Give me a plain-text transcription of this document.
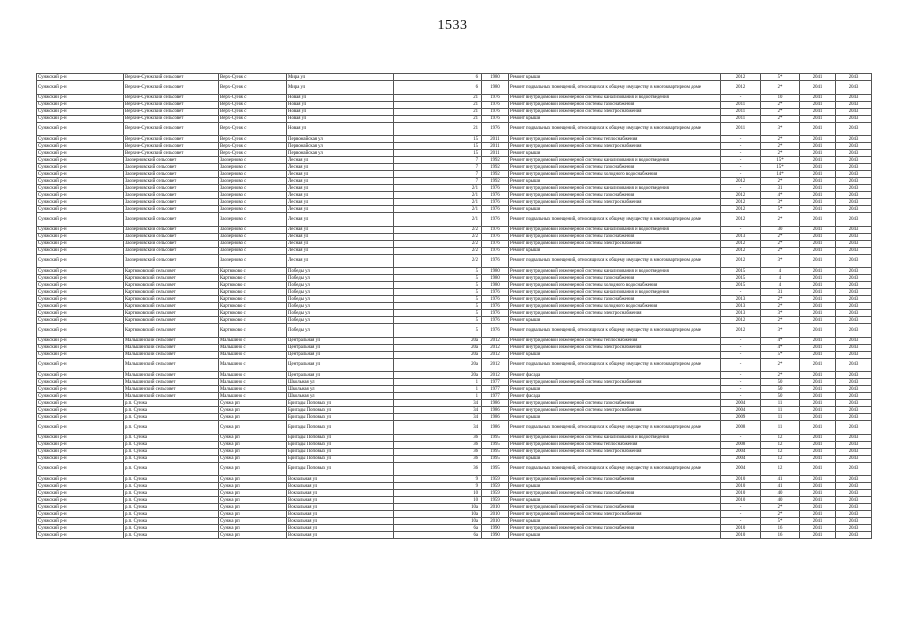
1533
Сунжский р-н	Верхне-Сунжский сельсовет	Верх-Сунж с	Мира ул	6	1980	Ремонт крыши	2012	5*	2041	2043
Сунжский р-н	Верхне-Сунжский сельсовет	Верх-Сунж с	Мира ул	6	1980	Ремонт подвальных помещений, относящихся к общему имуществу в многоквартирном доме	2012	2*	2041	2043
Сунжский р-н	Верхне-Сунжский сельсовет	Верх-Сунж с	Новая ул	21	1976	Ремонт внутридомовой инженерной системы канализования и водоотведения	-	10	2041	2043
Сунжский р-н	Верхне-Сунжский сельсовет	Верх-Сунж с	Новая ул	21	1976	Ремонт внутридомовой инженерной системы газоснабжения	2011	2*	2041	2043
Сунжский р-н	Верхне-Сунжский сельсовет	Верх-Сунж с	Новая ул	21	1976	Ремонт внутридомовой инженерной системы электроснабжения	2011	2*	2041	2043
Сунжский р-н	Верхне-Сунжский сельсовет	Верх-Сунж с	Новая ул	21	1976	Ремонт крыши	2011	2*	2041	2043
Сунжский р-н	Верхне-Сунжский сельсовет	Верх-Сунж с	Новая ул	21	1976	Ремонт подвальных помещений, относящихся к общему имуществу в многоквартирном доме	2011	3*	2041	2043
Сунжский р-н	Верхне-Сунжский сельсовет	Верх-Сунж с	Первомайская ул	15	2011	Ремонт внутридомовой инженерной системы теплоснабжения	-	2*	2041	2043
Сунжский р-н	Верхне-Сунжский сельсовет	Верх-Сунж с	Первомайская ул	15	2011	Ремонт внутридомовой инженерной системы электроснабжения	-	2*	2041	2043
Сунжский р-н	Верхне-Сунжский сельсовет	Верх-Сунж с	Первомайская ул	15	2011	Ремонт крыши	-	2*	2041	2043
Сунжский р-н	Заозерновский сельсовет	Заозерново с	Лесная ул	7	1992	Ремонт внутридомовой инженерной системы канализования и водоотведения	-	15*	2041	2043
Сунжский р-н	Заозерновский сельсовет	Заозерново с	Лесная ул	7	1992	Ремонт внутридомовой инженерной системы газоснабжения	-	15*	2041	2043
Сунжский р-н	Заозерновский сельсовет	Заозерново с	Лесная ул	7	1992	Ремонт внутридомовой инженерной системы холодного водоснабжения	-	14*	2041	2043
Сунжский р-н	Заозерновский сельсовет	Заозерново с	Лесная ул	7	1992	Ремонт крыши	2012	2*	2041	2043
Сунжский р-н	Заозерновский сельсовет	Заозерново с	Лесная ул	2/1	1976	Ремонт внутридомовой инженерной системы канализования и водоотведения	-	31	2041	2043
Сунжский р-н	Заозерновский сельсовет	Заозерново с	Лесная ул	2/1	1976	Ремонт внутридомовой инженерной системы газоснабжения	2012	4*	2041	2043
Сунжский р-н	Заозерновский сельсовет	Заозерново с	Лесная ул	2/1	1976	Ремонт внутридомовой инженерной системы электроснабжения	2012	3*	2041	2043
Сунжский р-н	Заозерновский сельсовет	Заозерново с	Лесная ул	2/1	1976	Ремонт крыши	2012	5*	2041	2043
Сунжский р-н	Заозерновский сельсовет	Заозерново с	Лесная ул	2/1	1976	Ремонт подвальных помещений, относящихся к общему имуществу в многоквартирном доме	2012	2*	2041	2043
Сунжский р-н	Заозерновский сельсовет	Заозерново с	Лесная ул	2/2	1976	Ремонт внутридомовой инженерной системы канализования и водоотведения	-	30	2041	2043
Сунжский р-н	Заозерновский сельсовет	Заозерново с	Лесная ул	2/2	1976	Ремонт внутридомовой инженерной системы газоснабжения	2013	2*	2041	2043
Сунжский р-н	Заозерновский сельсовет	Заозерново с	Лесная ул	2/2	1976	Ремонт внутридомовой инженерной системы электроснабжения	2012	2*	2041	2043
Сунжский р-н	Заозерновский сельсовет	Заозерново с	Лесная ул	2/2	1976	Ремонт крыши	2012	2*	2041	2043
Сунжский р-н	Заозерновский сельсовет	Заозерново с	Лесная ул	2/2	1976	Ремонт подвальных помещений, относящихся к общему имуществу в многоквартирном доме	2012	3*	2041	2043
Сунжский р-н	Картюковский сельсовет	Картюково с	Победы ул	5	1980	Ремонт внутридомовой инженерной системы канализования и водоотведения	2015	4	2041	2043
Сунжский р-н	Картюковский сельсовет	Картюково с	Победы ул	5	1980	Ремонт внутридомовой инженерной системы газоснабжения	2015	4	2041	2043
Сунжский р-н	Картюковский сельсовет	Картюково с	Победы ул	5	1980	Ремонт внутридомовой инженерной системы холодного водоснабжения	2015	4	2041	2043
Сунжский р-н	Картюковский сельсовет	Картюково с	Победы ул	5	1976	Ремонт внутридомовой инженерной системы канализования и водоотведения	-	31	2041	2043
Сунжский р-н	Картюковский сельсовет	Картюково с	Победы ул	5	1976	Ремонт внутридомовой инженерной системы газоснабжения	2013	2*	2041	2043
Сунжский р-н	Картюковский сельсовет	Картюково с	Победы ул	5	1976	Ремонт внутридомовой инженерной системы холодного водоснабжения	2013	2*	2041	2043
Сунжский р-н	Картюковский сельсовет	Картюково с	Победы ул	5	1976	Ремонт внутридомовой инженерной системы электроснабжения	2013	3*	2041	2043
Сунжский р-н	Картюковский сельсовет	Картюково с	Победы ул	5	1976	Ремонт крыши	2012	2*	2041	2043
Сунжский р-н	Картюковский сельсовет	Картюково с	Победы ул	5	1976	Ремонт подвальных помещений, относящихся к общему имуществу в многоквартирном доме	2012	3*	2041	2043
Сунжский р-н	Мальшинский сельсовет	Мальшино с	Центральная ул	20а	2012	Ремонт внутридомовой инженерной системы теплоснабжения	-	4*	2041	2043
Сунжский р-н	Мальшинский сельсовет	Мальшино с	Центральная ул	20а	2012	Ремонт внутридомовой инженерной системы электроснабжения	-	4*	2041	2043
Сунжский р-н	Мальшинский сельсовет	Мальшино с	Центральная ул	20а	2012	Ремонт крыши	-	5*	2041	2043
Сунжский р-н	Мальшинский сельсовет	Мальшино с	Центральная ул	20а	2012	Ремонт подвальных помещений, относящихся к общему имуществу в многоквартирном доме	-	2*	2041	2043
Сунжский р-н	Мальшинский сельсовет	Мальшино с	Центральная ул	20а	2012	Ремонт фасада	-	2*	2041	2043
Сунжский р-н	Мальшинский сельсовет	Мальшино с	Школьная ул	1	1977	Ремонт внутридомовой инженерной системы электроснабжения	-	50	2041	2043
Сунжский р-н	Мальшинский сельсовет	Мальшино с	Школьная ул	1	1977	Ремонт крыши	-	50	2041	2043
Сунжский р-н	Мальшинский сельсовет	Мальшино с	Школьная ул	1	1977	Ремонт фасада	-	50	2041	2043
Сунжский р-н	р.п. Сунжа	Сунжа рп	Бригады Поповых ул	34	1986	Ремонт внутридомовой инженерной системы газоснабжения	2004	11	2041	2043
Сунжский р-н	р.п. Сунжа	Сунжа рп	Бригады Поповых ул	34	1986	Ремонт внутридомовой инженерной системы электроснабжения	2004	11	2041	2043
Сунжский р-н	р.п. Сунжа	Сунжа рп	Бригады Поповых ул	34	1986	Ремонт крыши	2009	11	2041	2043
Сунжский р-н	р.п. Сунжа	Сунжа рп	Бригады Поповых ул	34	1986	Ремонт подвальных помещений, относящихся к общему имуществу в многоквартирном доме	2008	11	2041	2043
Сунжский р-н	р.п. Сунжа	Сунжа рп	Бригады Поповых ул	36	1995	Ремонт внутридомовой инженерной системы канализования и водоотведения	-	12	2041	2043
Сунжский р-н	р.п. Сунжа	Сунжа рп	Бригады Поповых ул	36	1995	Ремонт внутридомовой инженерной системы теплоснабжения	2008	12	2041	2043
Сунжский р-н	р.п. Сунжа	Сунжа рп	Бригады Поповых ул	36	1995	Ремонт внутридомовой инженерной системы электроснабжения	2004	12	2041	2043
Сунжский р-н	р.п. Сунжа	Сунжа рп	Бригады Поповых ул	36	1995	Ремонт крыши	2004	12	2041	2043
Сунжский р-н	р.п. Сунжа	Сунжа рп	Бригады Поповых ул	36	1995	Ремонт подвальных помещений, относящихся к общему имуществу в многоквартирном доме	2004	12	2041	2043
Сунжский р-н	р.п. Сунжа	Сунжа рп	Вокзальная ул	9	1959	Ремонт внутридомовой инженерной системы газоснабжения	2010	41	2041	2043
Сунжский р-н	р.п. Сунжа	Сунжа рп	Вокзальная ул	9	1959	Ремонт крыши	2010	41	2041	2043
Сунжский р-н	р.п. Сунжа	Сунжа рп	Вокзальная ул	10	1959	Ремонт внутридомовой инженерной системы газоснабжения	2010	40	2041	2043
Сунжский р-н	р.п. Сунжа	Сунжа рп	Вокзальная ул	10	1959	Ремонт крыши	2010	40	2041	2043
Сунжский р-н	р.п. Сунжа	Сунжа рп	Вокзальная ул	10а	2010	Ремонт внутридомовой инженерной системы газоснабжения	-	2*	2041	2043
Сунжский р-н	р.п. Сунжа	Сунжа рп	Вокзальная ул	10а	2010	Ремонт внутридомовой инженерной системы электроснабжения	-	2*	2041	2043
Сунжский р-н	р.п. Сунжа	Сунжа рп	Вокзальная ул	10а	2010	Ремонт крыши	-	5*	2041	2043
Сунжский р-н	р.п. Сунжа	Сунжа рп	Вокзальная ул	6а	1990	Ремонт внутридомовой инженерной системы газоснабжения	2010	16	2041	2043
Сунжский р-н	р.п. Сунжа	Сунжа рп	Вокзальная ул	6а	1990	Ремонт крыши	2010	16	2041	2043
